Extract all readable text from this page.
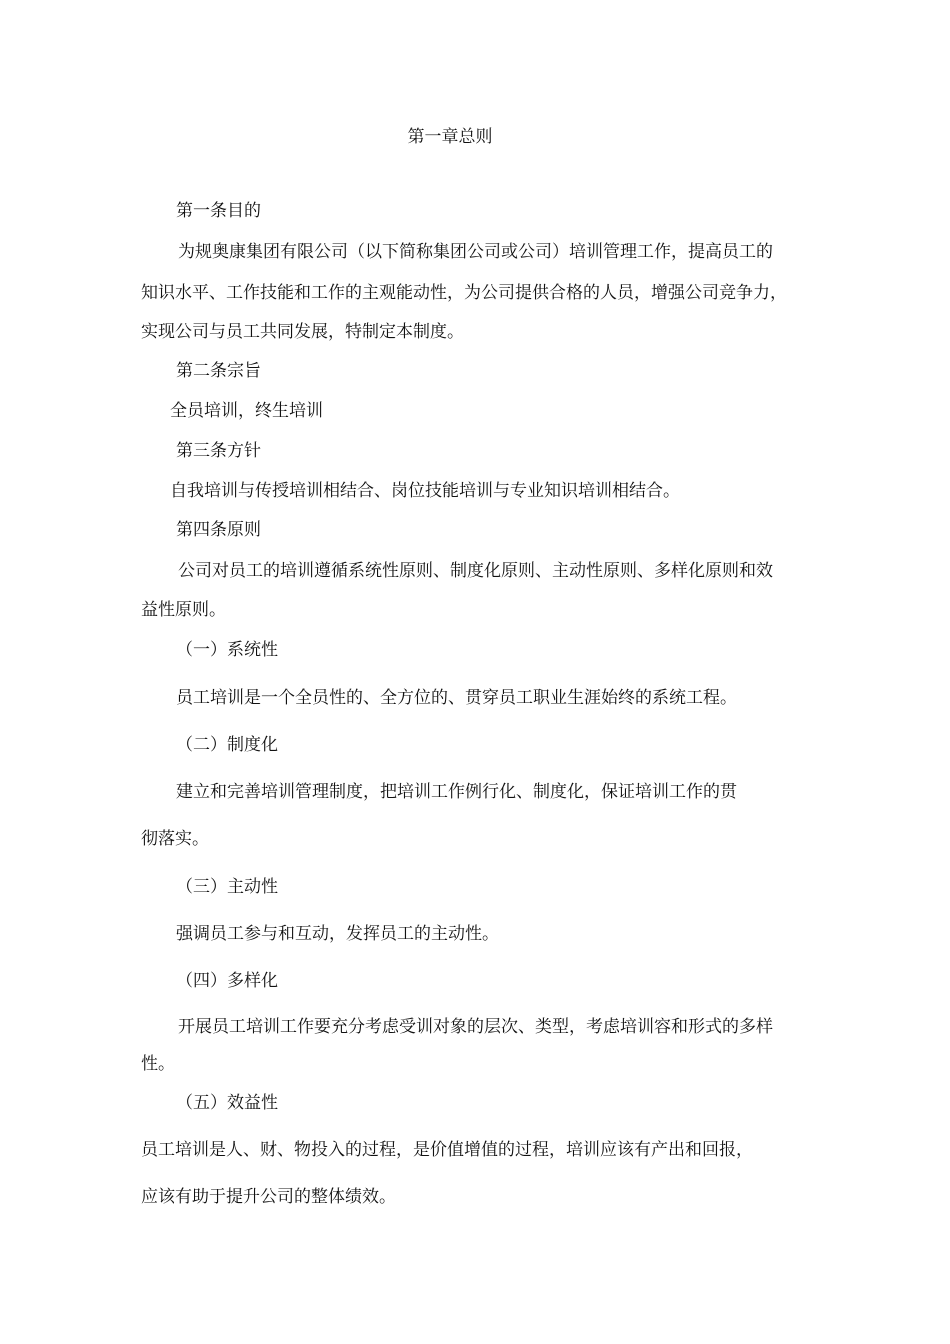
第一章总则
第一条目的
为规奥康集团有限公司（以下简称集团公司或公司）培训管理工作，提高员工的
知识水平、工作技能和工作的主观能动性，为公司提供合格的人员，增强公司竞争力，
实现公司与员工共同发展，特制定本制度。
第二条宗旨
全员培训，终生培训
第三条方针
自我培训与传授培训相结合、岗位技能培训与专业知识培训相结合。
第四条原则
公司对员工的培训遵循系统性原则、制度化原则、主动性原则、多样化原则和效
益性原则。
（一）系统性
员工培训是一个全员性的、全方位的、贯穿员工职业生涯始终的系统工程。
（二）制度化
建立和完善培训管理制度，把培训工作例行化、制度化，保证培训工作的贯
彻落实。
（三）主动性
强调员工参与和互动，发挥员工的主动性。
（四）多样化
开展员工培训工作要充分考虑受训对象的层次、类型，考虑培训容和形式的多样
性。
（五）效益性
员工培训是人、财、物投入的过程，是价值增值的过程，培训应该有产出和回报，
应该有助于提升公司的整体绩效。
